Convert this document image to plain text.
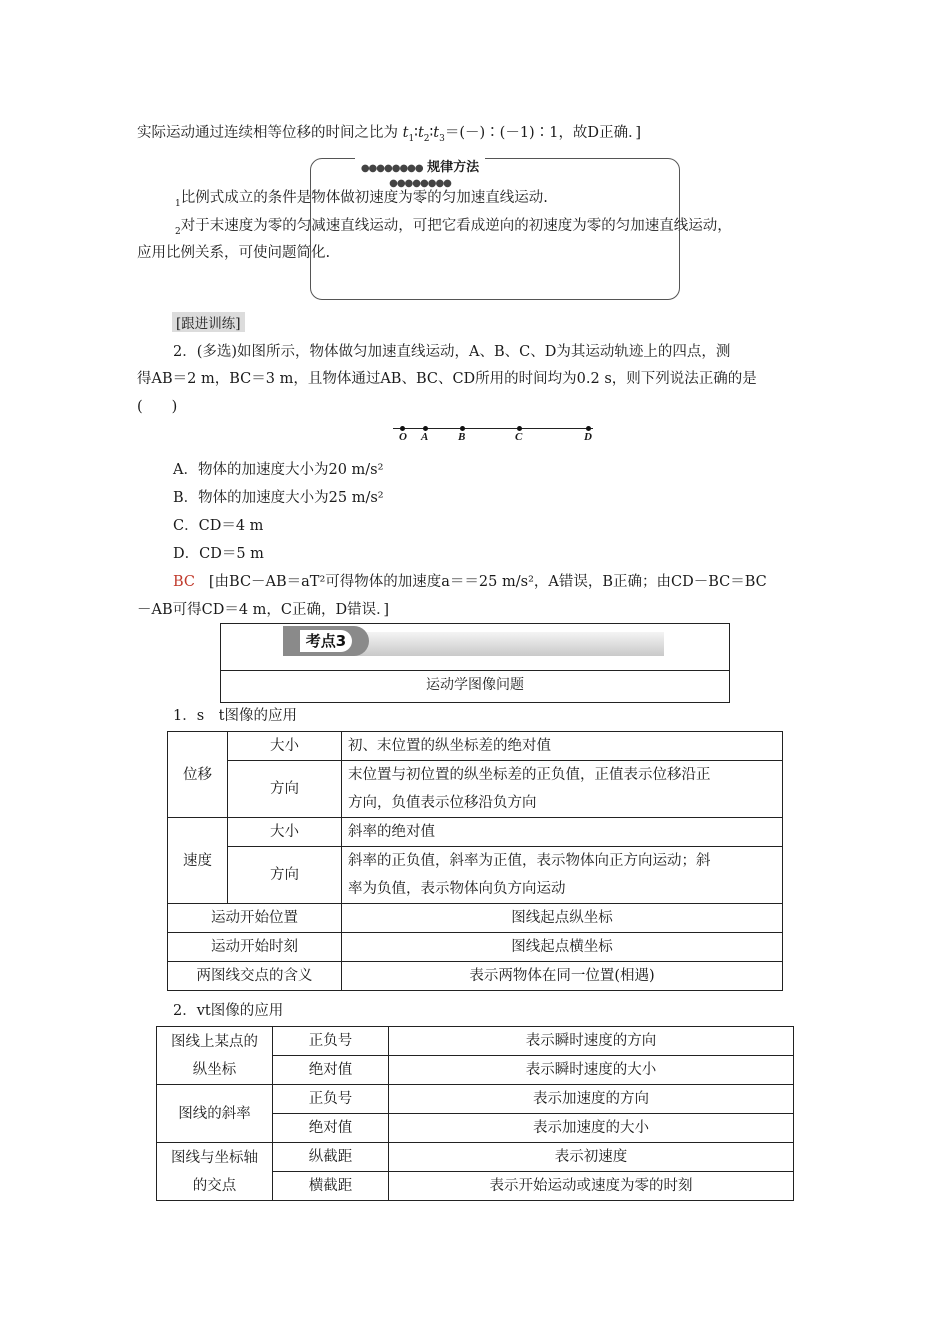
实际运动通过连续相等位移的时间之比为 $t_1∶t_2∶t_3=(-)∶(-1)∶1$，故D正确．]
●●●●●●●● 规律方法 ●●●●●●●●
$_1$比例式成立的条件是物体做初速度为零的匀加速直线运动.
$_2$对于末速度为零的匀减速直线运动，可把它看成逆向的初速度为零的匀加速直线运动，
应用比例关系，可使问题简化.
[跟进训练]
2．(多选)如图所示，物体做匀加速直线运动，A、B、C、D为其运动轨迹上的四点，测
得AB＝2 m，BC＝3 m，且物体通过AB、BC、CD所用的时间均为0.2 s，则下列说法正确的是
(　　)
O A	B	C	D
A．物体的加速度大小为20 m/s²
B．物体的加速度大小为25 m/s²
C．CD＝4 m
D．CD＝5 m
BC [由BC－AB＝aT²可得物体的加速度a＝＝25 m/s²，A错误，B正确；由CD－BC＝BC
－AB可得CD＝4 m，C正确，D错误．]
考点3
运动学图像问题
1．s　t图像的应用
位移	大小	初、末位置的纵坐标差的绝对值
	方向	末位置与初位置的纵坐标差的正负值，正值表示位移沿正
方向，负值表示位移沿负方向

速度	大小	斜率的绝对值
	方向	斜率的正负值，斜率为正值，表示物体向正方向运动；斜
率为负值，表示物体向负方向运动

运动开始位置		图线起点纵坐标
运动开始时刻		图线起点横坐标
两图线交点的含义		表示两物体在同一位置(相遇)
2．vt图像的应用
图线上某点的
纵坐标	正负号	表示瞬时速度的方向
	绝对值	表示瞬时速度的大小
图线的斜率	正负号	表示加速度的方向
	绝对值	表示加速度的大小

图线与坐标轴
的交点	纵截距	表示初速度
	横截距	表示开始运动或速度为零的时刻
